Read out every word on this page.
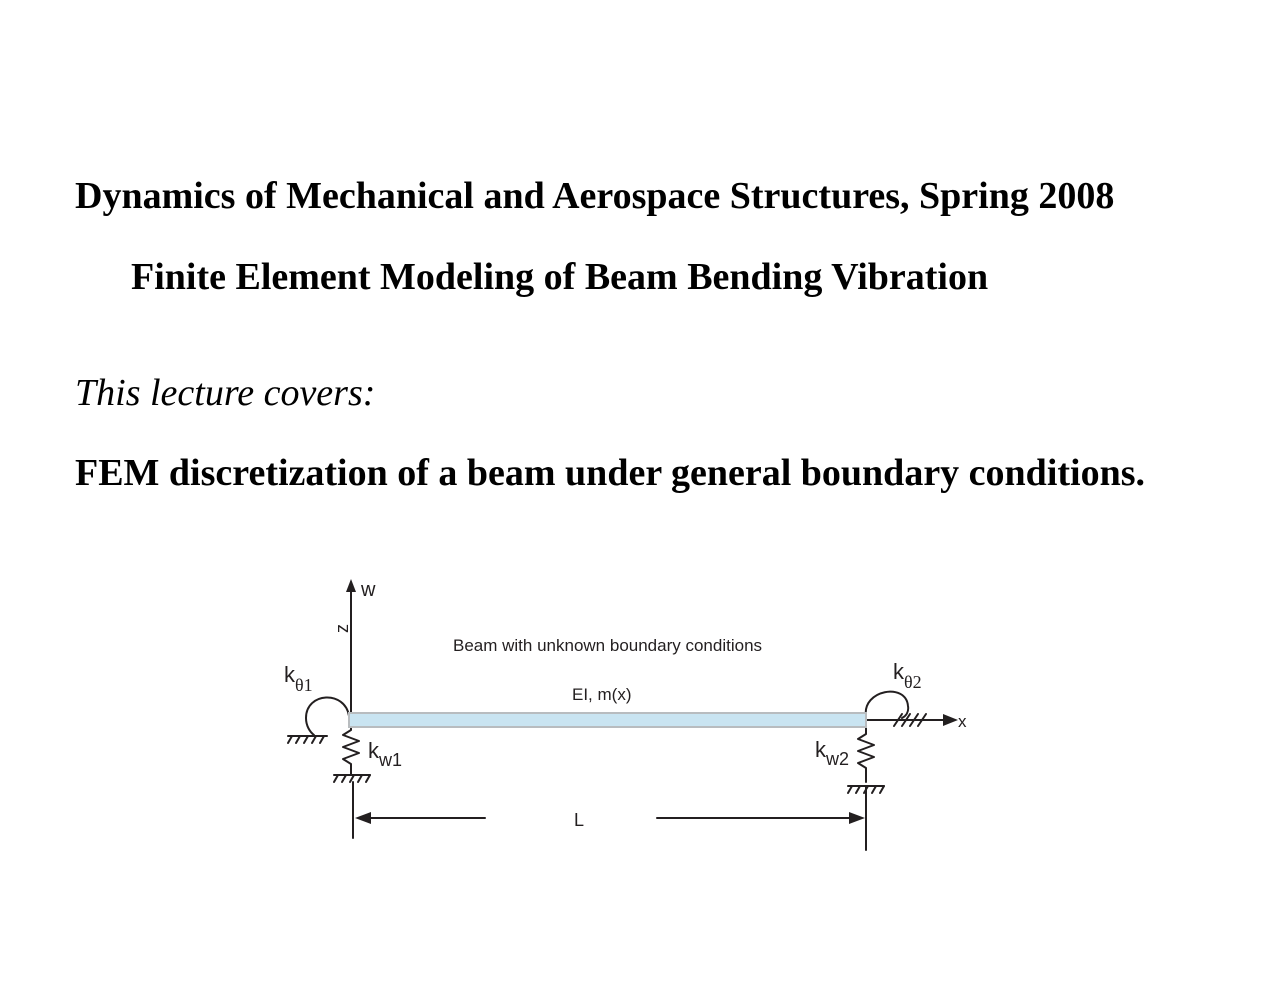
Dynamics of Mechanical and Aerospace Structures, Spring 2008
Finite Element Modeling of Beam Bending Vibration

This lecture covers:

FEM discretization of a beam under general boundary conditions.

w
z
Beam with unknown boundary conditions
EI, m(x)
x
L
kθ1
kθ2
kw1	kw2
